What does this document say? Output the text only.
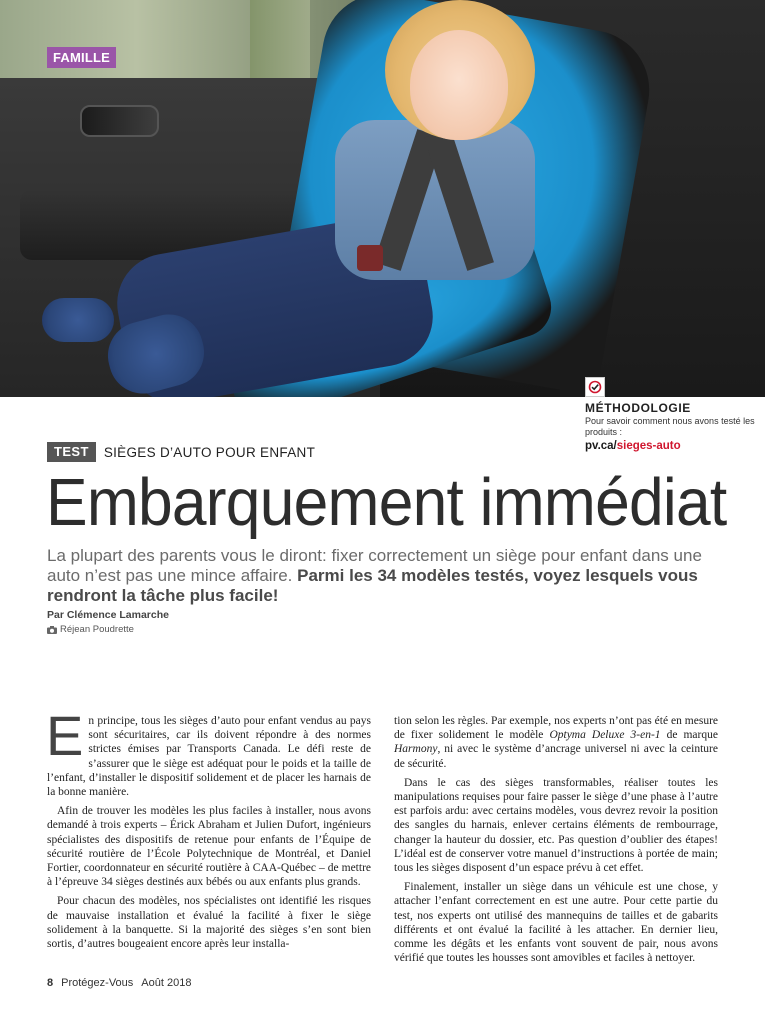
FAMILLE
MÉTHODOLOGIE
Pour savoir comment nous avons testé les produits :
pv.ca/sieges-auto
TEST	SIÈGES D’AUTO POUR ENFANT
Embarquement immédiat
La plupart des parents vous le diront: fixer correctement un siège pour enfant dans une auto n’est pas une mince affaire. Parmi les 34 modèles testés, voyez lesquels vous rendront la tâche plus facile!
Par Clémence Lamarche
Réjean Poudrette

En principe, tous les sièges d’auto pour enfant vendus au pays sont sécuritaires, car ils doivent répondre à des normes strictes émises par Transports Canada. Le défi reste de s’assurer que le siège est adéquat pour le poids et la taille de l’enfant, d’installer le dispositif solidement et de placer les harnais de la bonne manière.

Afin de trouver les modèles les plus faciles à installer, nous avons demandé à trois experts – Érick Abraham et Julien Dufort, ingénieurs spécialistes des dispositifs de retenue pour enfants de l’Équipe de sécurité routière de l’École Polytechnique de Montréal, et Daniel Fortier, coordonnateur en sécurité routière à CAA-Québec – de mettre à l’épreuve 34 sièges destinés aux bébés ou aux enfants plus grands.

Pour chacun des modèles, nos spécialistes ont identifié les risques de mauvaise installation et évalué la facilité à fixer le siège solidement à la banquette. Si la majorité des sièges s’en sont bien sortis, d’autres bougeaient encore après leur installa-

tion selon les règles. Par exemple, nos experts n’ont pas été en mesure de fixer solidement le modèle Optyma Deluxe 3-en-1 de marque Harmony, ni avec le système d’ancrage universel ni avec la ceinture de sécurité.

Dans le cas des sièges transformables, réaliser toutes les manipulations requises pour faire passer le siège d’une phase à l’autre est parfois ardu: avec certains modèles, vous devrez revoir la position des sangles du harnais, enlever certains éléments de rembourrage, changer la hauteur du dossier, etc. Pas question d’oublier des étapes! L’idéal est de conserver votre manuel d’instructions à portée de main; tous les sièges disposent d’un espace prévu à cet effet.

Finalement, installer un siège dans un véhicule est une chose, y attacher l’enfant correctement en est une autre. Pour cette partie du test, nos experts ont utilisé des mannequins de tailles et de gabarits différents et ont évalué la facilité à les attacher. En dernier lieu, comme les dégâts et les enfants vont souvent de pair, nous avons vérifié que toutes les housses sont amovibles et faciles à nettoyer.

8 Protégez-Vous Août 2018
